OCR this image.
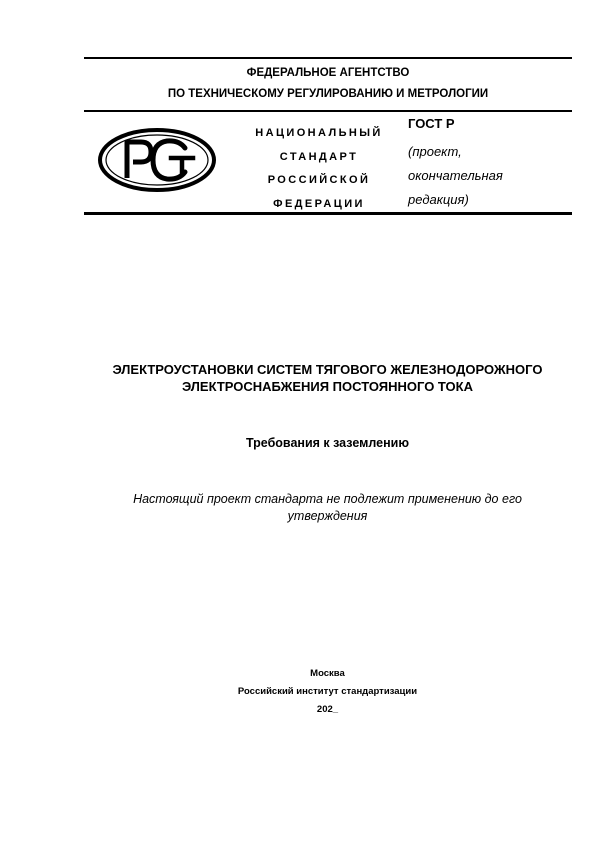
ФЕДЕРАЛЬНОЕ АГЕНТСТВО
ПО ТЕХНИЧЕСКОМУ РЕГУЛИРОВАНИЮ И МЕТРОЛОГИИ
НАЦИОНАЛЬНЫЙ
СТАНДАРТ
РОССИЙСКОЙ
ФЕДЕРАЦИИ
ГОСТ Р
(проект,
окончательная
редакция)
ЭЛЕКТРОУСТАНОВКИ СИСТЕМ ТЯГОВОГО ЖЕЛЕЗНОДОРОЖНОГО
ЭЛЕКТРОСНАБЖЕНИЯ ПОСТОЯННОГО ТОКА
Требования к заземлению
Настоящий проект стандарта не подлежит применению до его
утверждения
Москва
Российский институт стандартизации
202_
